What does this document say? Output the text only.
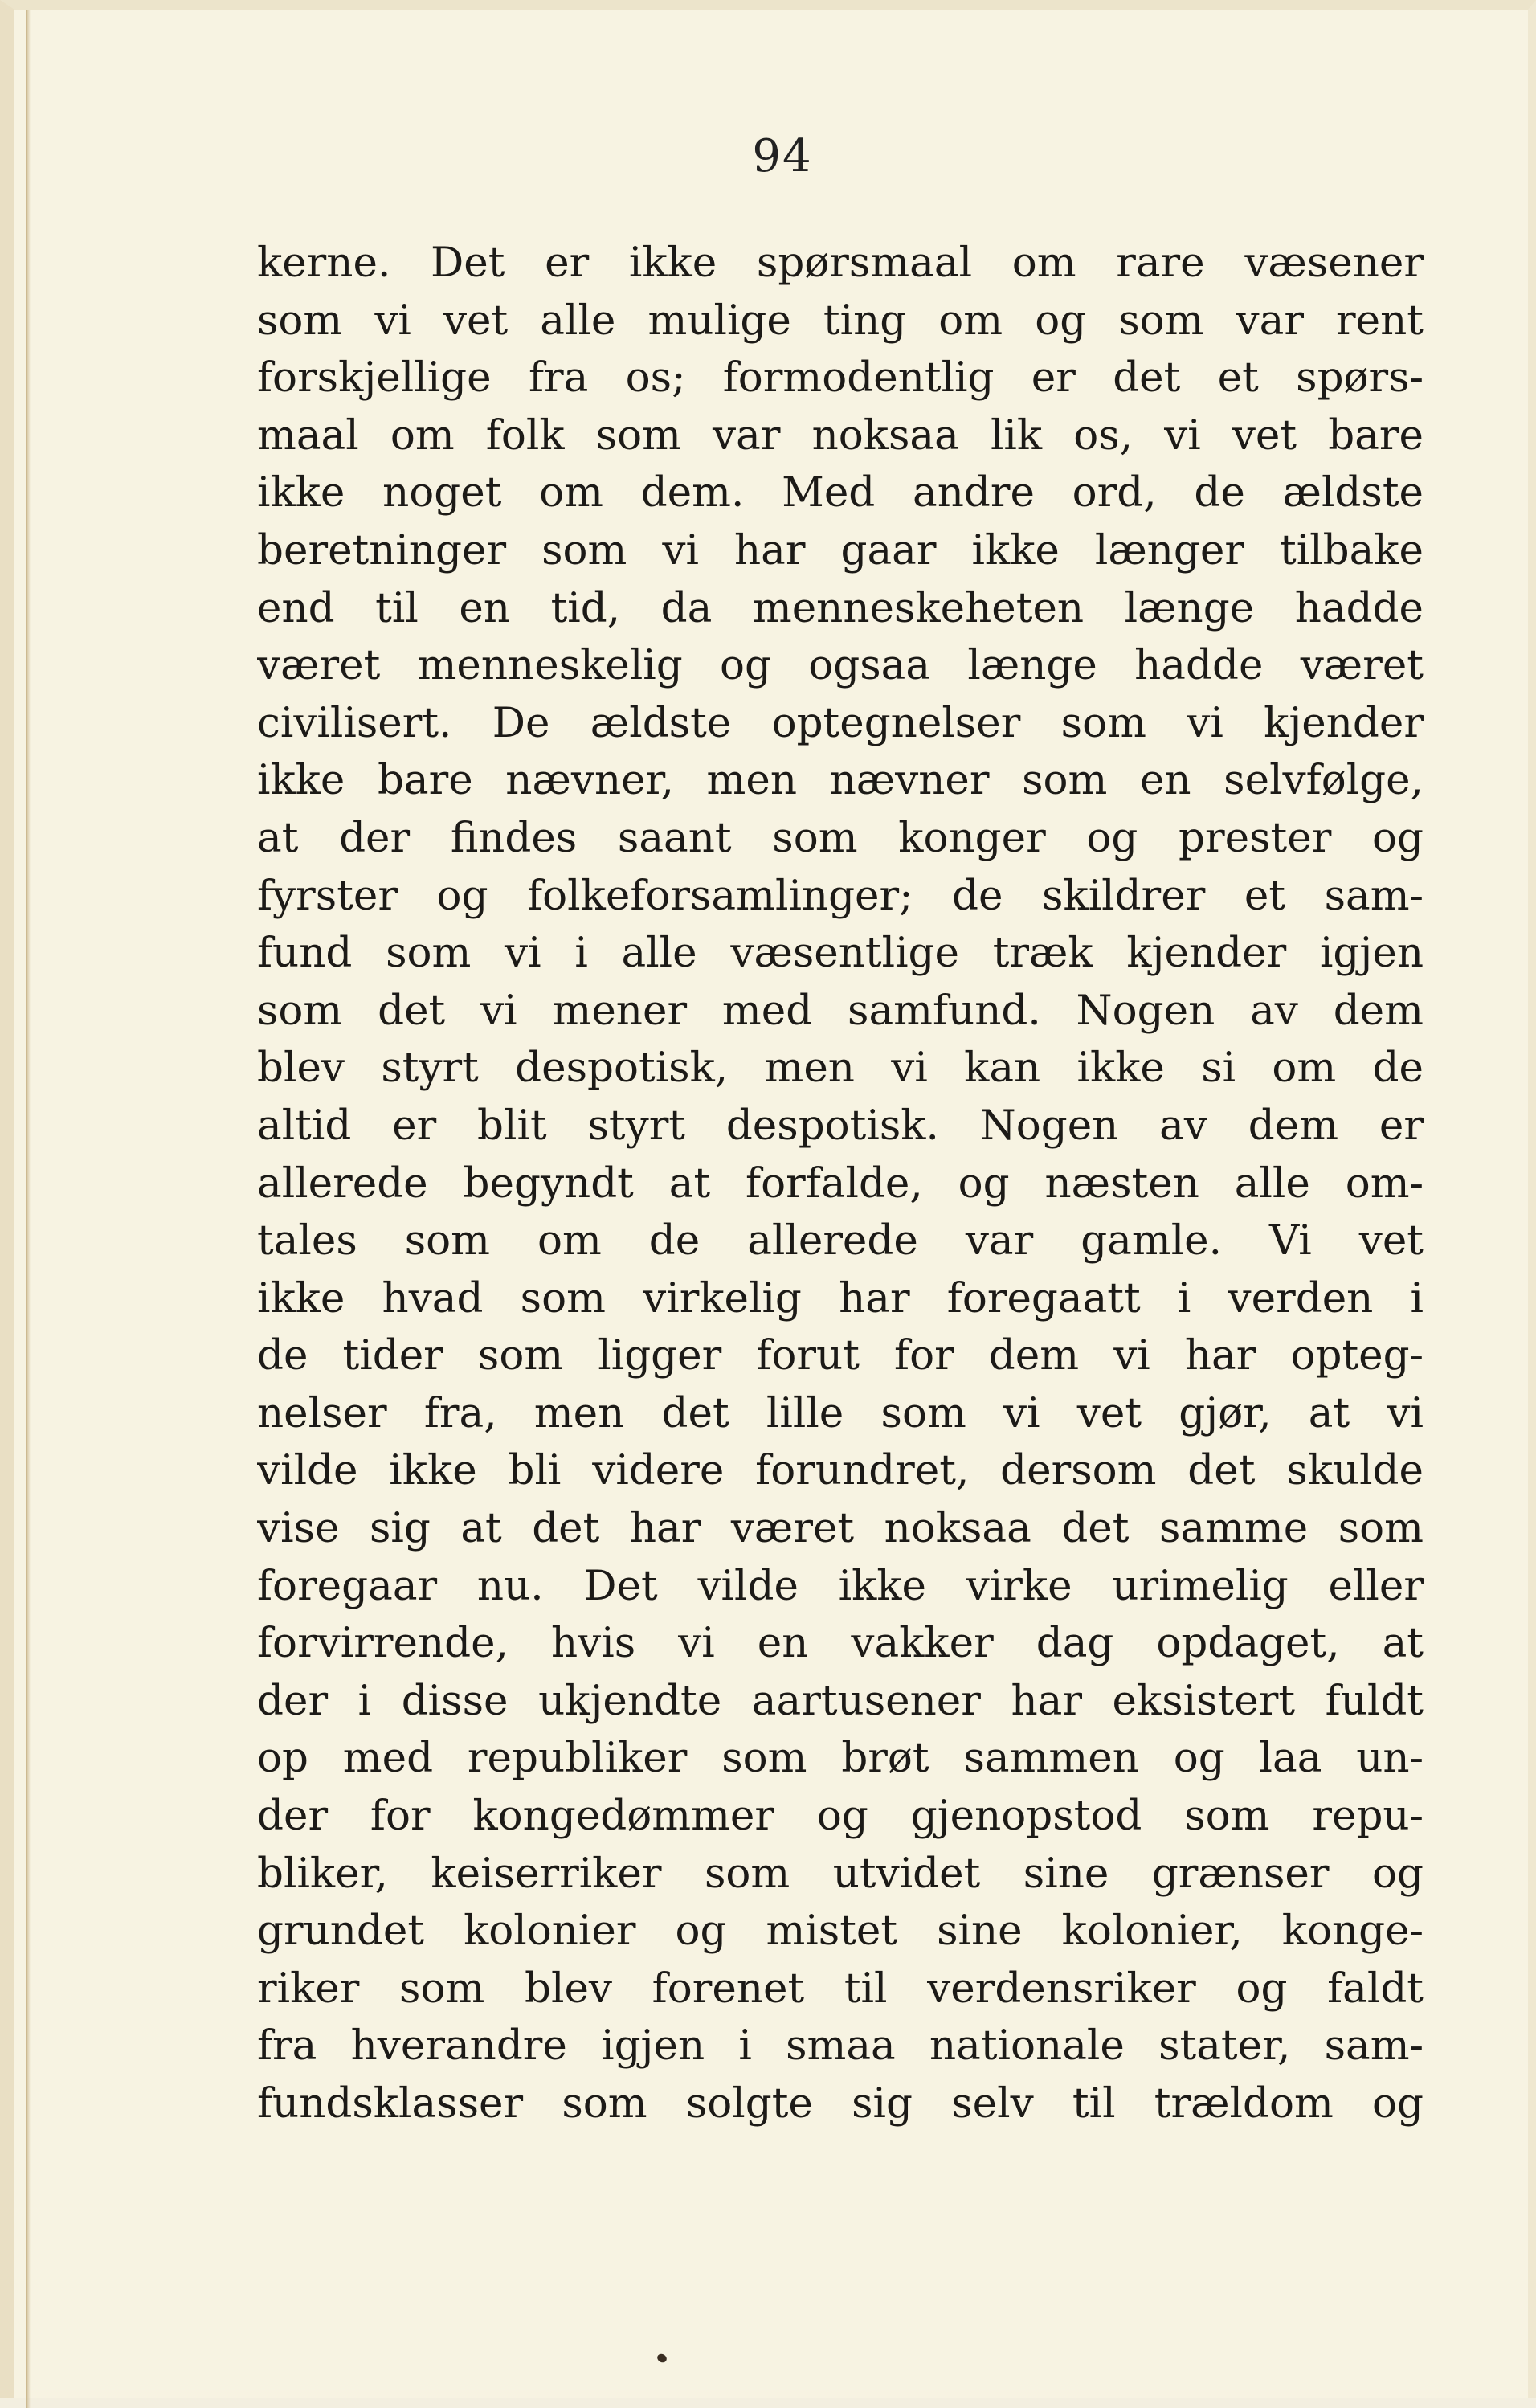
94
kerne. Det er ikke spørsmaal om rare væsener
som vi vet alle mulige ting om og som var rent
forskjellige fra os; formodentlig er det et spørs-
maal om folk som var noksaa lik os, vi vet bare
ikke noget om dem. Med andre ord, de ældste
beretninger som vi har gaar ikke længer tilbake
end til en tid, da menneskeheten længe hadde
været menneskelig og ogsaa længe hadde været
civilisert. De ældste optegnelser som vi kjender
ikke bare nævner, men nævner som en selvfølge,
at der findes saant som konger og prester og
fyrster og folkeforsamlinger; de skildrer et sam-
fund som vi i alle væsentlige træk kjender igjen
som det vi mener med samfund. Nogen av dem
blev styrt despotisk, men vi kan ikke si om de
altid er blit styrt despotisk. Nogen av dem er
allerede begyndt at forfalde, og næsten alle om-
tales som om de allerede var gamle. Vi vet
ikke hvad som virkelig har foregaatt i verden i
de tider som ligger forut for dem vi har opteg-
nelser fra, men det lille som vi vet gjør, at vi
vilde ikke bli videre forundret, dersom det skulde
vise sig at det har været noksaa det samme som
foregaar nu. Det vilde ikke virke urimelig eller
forvirrende, hvis vi en vakker dag opdaget, at
der i disse ukjendte aartusener har eksistert fuldt
op med republiker som brøt sammen og laa un-
der for kongedømmer og gjenopstod som repu-
bliker, keiserriker som utvidet sine grænser og
grundet kolonier og mistet sine kolonier, konge-
riker som blev forenet til verdensriker og faldt
fra hverandre igjen i smaa nationale stater, sam-
fundsklasser som solgte sig selv til trældom og
